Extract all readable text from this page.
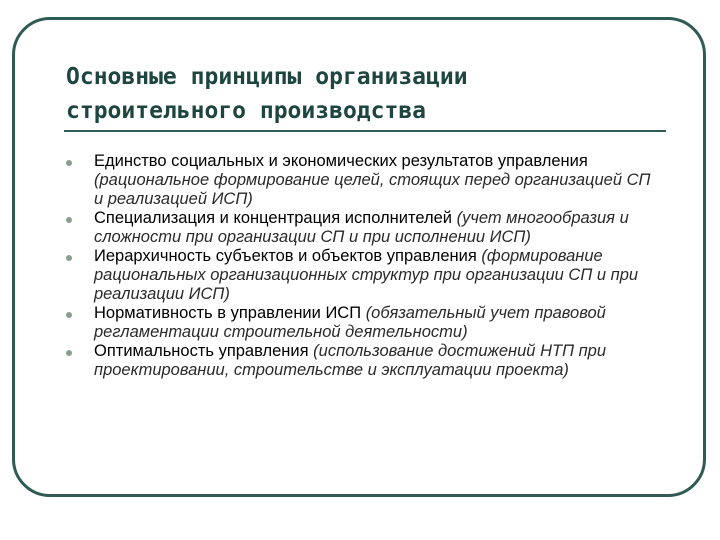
Основные принципы организации
строительного производства
Единство социальных и экономических результатов управления (рациональное формирование целей, стоящих перед организацией СП и реализацией ИСП)
Специализация и концентрация исполнителей (учет многообразия и сложности при организации СП и при исполнении ИСП)
Иерархичность субъектов и объектов управления (формирование рациональных организационных структур при организации СП и при реализации ИСП)
Нормативность в управлении ИСП (обязательный учет правовой регламентации строительной деятельности)
Оптимальность управления (использование достижений НТП при проектировании, строительстве и эксплуатации проекта)
